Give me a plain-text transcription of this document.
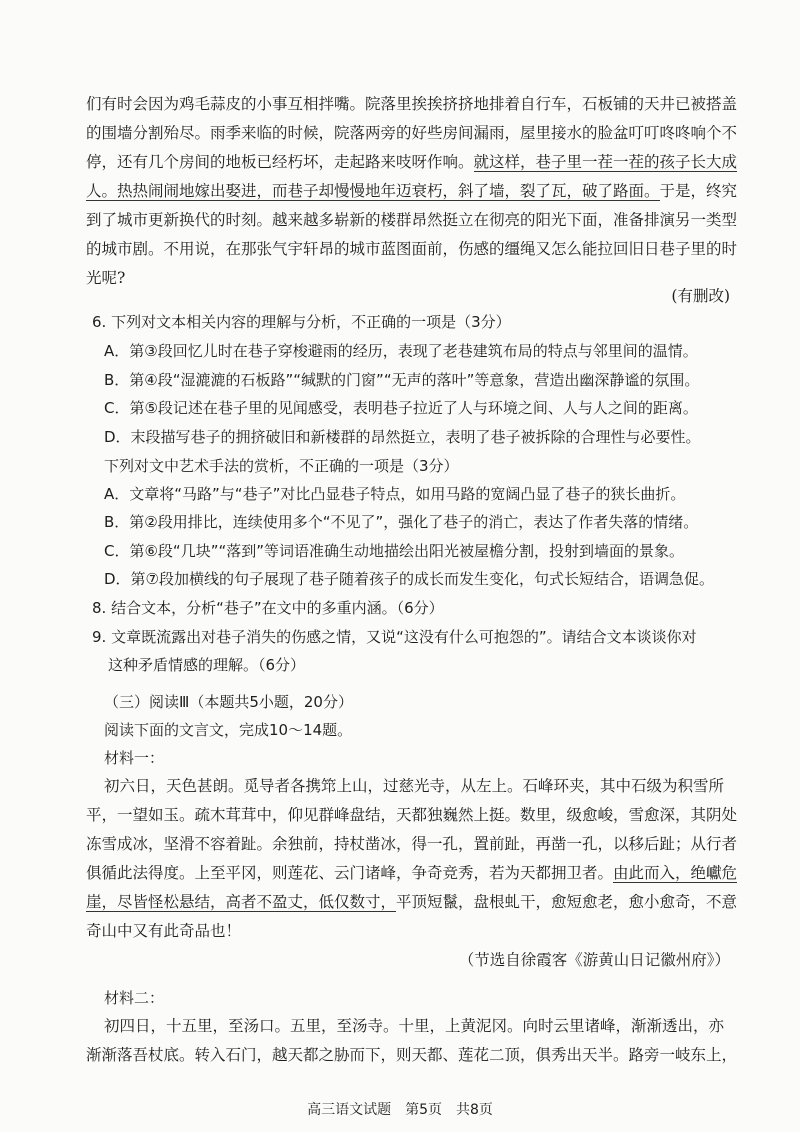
们有时会因为鸡毛蒜皮的小事互相拌嘴。院落里挨挨挤挤地排着自行车，石板铺的天井已被搭盖
的围墙分割殆尽。雨季来临的时候，院落两旁的好些房间漏雨，屋里接水的脸盆叮叮咚咚响个不
停，还有几个房间的地板已经朽坏，走起路来吱呀作响。就这样，巷子里一茬一茬的孩子长大成
人。热热闹闹地嫁出娶进，而巷子却慢慢地年迈衰朽，斜了墙，裂了瓦，破了路面。于是，终究
到了城市更新换代的时刻。越来越多崭新的楼群昂然挺立在彻亮的阳光下面，准备排演另一类型
的城市剧。不用说，在那张气宇轩昂的城市蓝图面前，伤感的缰绳又怎么能拉回旧日巷子里的时
光呢?
(有删改)
6. 下列对文本相关内容的理解与分析，不正确的一项是（3分）
A．第③段回忆儿时在巷子穿梭避雨的经历，表现了老巷建筑布局的特点与邻里间的温情。
B．第④段“湿漉漉的石板路”“缄默的门窗”“无声的落叶”等意象，营造出幽深静谧的氛围。
C．第⑤段记述在巷子里的见闻感受，表明巷子拉近了人与环境之间、人与人之间的距离。
D．末段描写巷子的拥挤破旧和新楼群的昂然挺立，表明了巷子被拆除的合理性与必要性。
下列对文中艺术手法的赏析，不正确的一项是（3分）
A．文章将“马路”与“巷子”对比凸显巷子特点，如用马路的宽阔凸显了巷子的狭长曲折。
B．第②段用排比，连续使用多个“不见了”，强化了巷子的消亡，表达了作者失落的情绪。
C．第⑥段“几块”“落到”等词语准确生动地描绘出阳光被屋檐分割，投射到墙面的景象。
D．第⑦段加横线的句子展现了巷子随着孩子的成长而发生变化，句式长短结合，语调急促。
8. 结合文本，分析“巷子”在文中的多重内涵。（6分）
9. 文章既流露出对巷子消失的伤感之情，又说“这没有什么可抱怨的”。请结合文本谈谈你对
这种矛盾情感的理解。（6分）
（三）阅读Ⅲ（本题共5小题，20分）
阅读下面的文言文，完成10～14题。
材料一：
初六日，天色甚朗。觅导者各携筇上山，过慈光寺，从左上。石峰环夹，其中石级为积雪所
平，一望如玉。疏木茸茸中，仰见群峰盘结，天都独巍然上挺。数里，级愈峻，雪愈深，其阴处
冻雪成冰，坚滑不容着趾。余独前，持杖凿冰，得一孔，置前趾，再凿一孔，以移后趾；从行者
俱循此法得度。上至平冈，则莲花、云门诸峰，争奇竞秀，若为天都拥卫者。由此而入，绝巘危
崖，尽皆怪松悬结，高者不盈丈，低仅数寸，平顶短鬣，盘根虬干，愈短愈老，愈小愈奇，不意
奇山中又有此奇品也！
（节选自徐霞客《游黄山日记徽州府》）
材料二：
初四日，十五里，至汤口。五里，至汤寺。十里，上黄泥冈。向时云里诸峰，渐渐透出，亦
渐渐落吾杖底。转入石门，越天都之胁而下，则天都、莲花二顶，俱秀出天半。路旁一岐东上，
高三语文试题　第5页　共8页
